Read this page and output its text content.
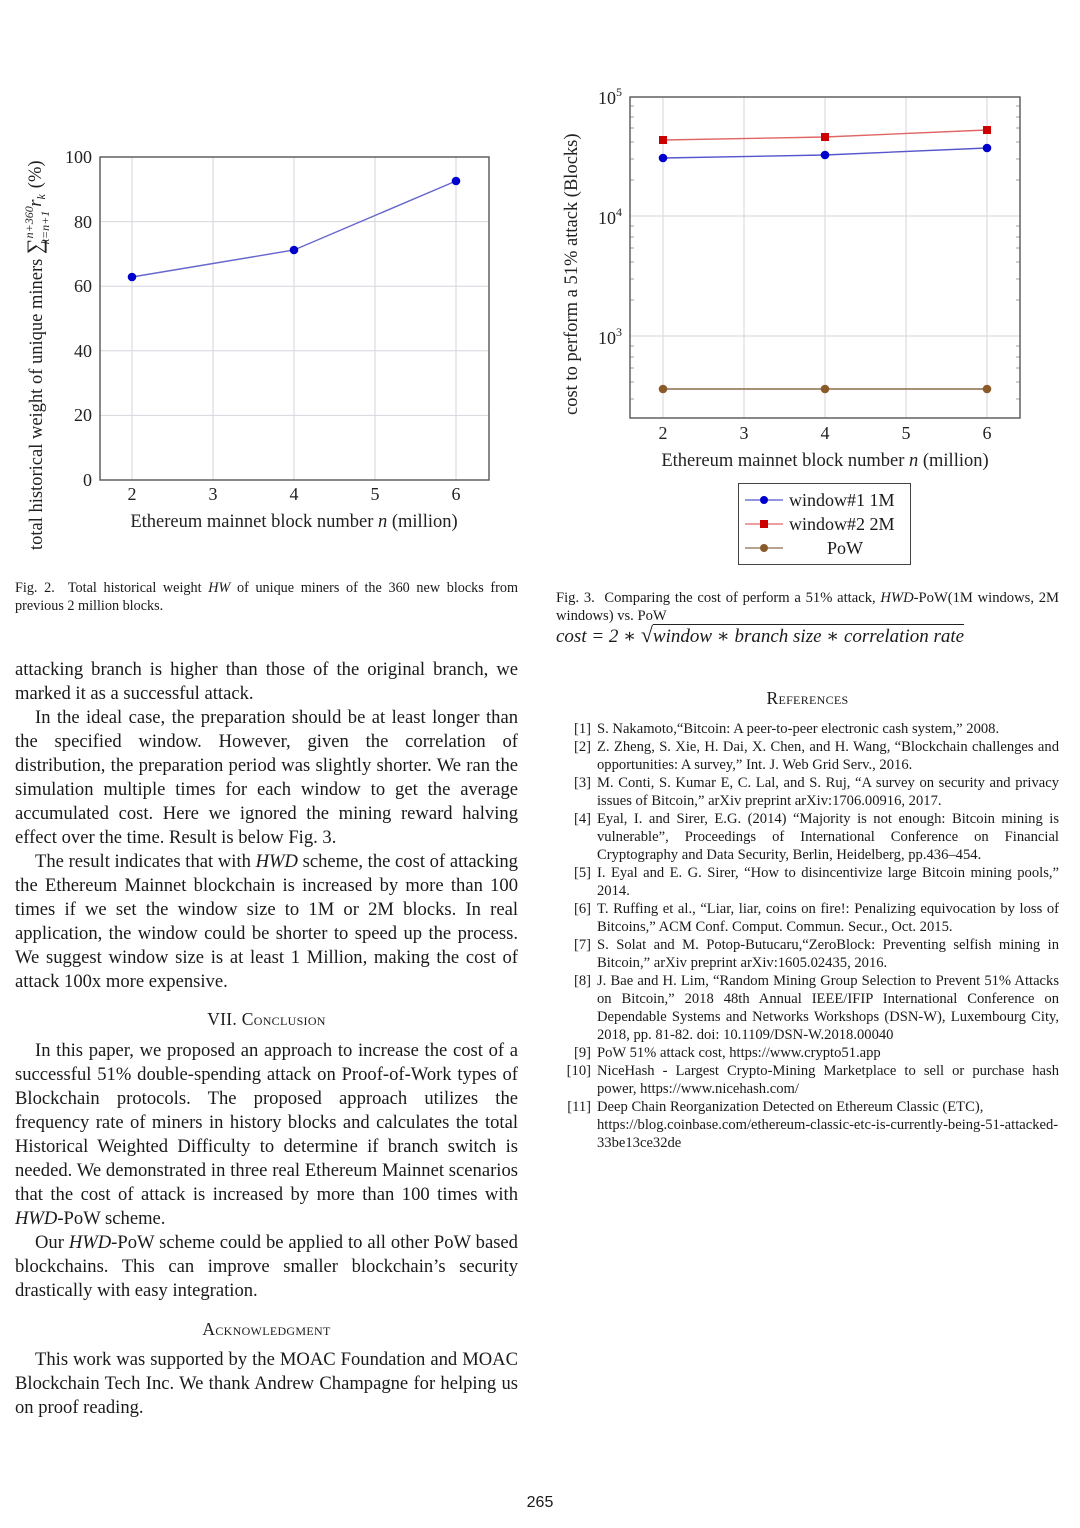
0
20
40
60
80
100
2	3	4	5	6
Ethereum mainnet block number n (million)
total historical weight of unique miners ∑$^{n+360}$ $k=n+1r_k(\%)$
Fig. 2. Total historical weight HW of unique miners of the 360 new blocks from previous 2 million blocks.
$10^5$
$10^4$
$10^3$
2	3	4	5	6
Ethereum mainnet block number n (million)
cost to perform a 51% attack (Blocks)
window#1 1M
window#2 2M
PoW
Fig. 3. Comparing the cost of perform a 51% attack, HWD-PoW(1M windows, 2M windows) vs. PoW
cost = 2 ∗ √window ∗ branch size ∗ correlation rate

attacking branch is higher than those of the original branch, we marked it as a successful attack.

In the ideal case, the preparation should be at least longer than the specified window. However, given the correlation of distribution, the preparation period was slightly shorter. We ran the simulation multiple times for each window to get the average accumulated cost. Here we ignored the mining reward halving effect over the time. Result is below Fig. 3.

The result indicates that with HWD scheme, the cost of attacking the Ethereum Mainnet blockchain is increased by more than 100 times if we set the window size to 1M or 2M blocks. In real application, the window could be shorter to speed up the process. We suggest window size is at least 1 Million, making the cost of attack 100x more expensive.

VII. Conclusion

In this paper, we proposed an approach to increase the cost of a successful 51% double-spending attack on Proof-of-Work types of Blockchain protocols. The proposed approach utilizes the frequency rate of miners in history blocks and calculates the total Historical Weighted Difficulty to determine if branch switch is needed. We demonstrated in three real Ethereum Mainnet scenarios that the cost of attack is increased by more than 100 times with HWD-PoW scheme.

Our HWD-PoW scheme could be applied to all other PoW based blockchains. This can improve smaller blockchain’s security drastically with easy integration.

Acknowledgment

This work was supported by the MOAC Foundation and MOAC Blockchain Tech Inc. We thank Andrew Champagne for helping us on proof reading.

References
[1] S. Nakamoto,“Bitcoin: A peer-to-peer electronic cash system,” 2008.
[2] Z. Zheng, S. Xie, H. Dai, X. Chen, and H. Wang, “Blockchain challenges and opportunities: A survey,” Int. J. Web Grid Serv., 2016.
[3] M. Conti, S. Kumar E, C. Lal, and S. Ruj, “A survey on security and privacy issues of Bitcoin,” arXiv preprint arXiv:1706.00916, 2017.
[4] Eyal, I. and Sirer, E.G. (2014) “Majority is not enough: Bitcoin mining is vulnerable”, Proceedings of International Conference on Financial Cryptography and Data Security, Berlin, Heidelberg, pp.436–454.
[5] I. Eyal and E. G. Sirer, “How to disincentivize large Bitcoin mining pools,” 2014.
[6] T. Ruffing et al., “Liar, liar, coins on fire!: Penalizing equivocation by loss of Bitcoins,” ACM Conf. Comput. Commun. Secur., Oct. 2015.
[7] S. Solat and M. Potop-Butucaru,“ZeroBlock: Preventing selfish mining in Bitcoin,” arXiv preprint arXiv:1605.02435, 2016.
[8] J. Bae and H. Lim, “Random Mining Group Selection to Prevent 51% Attacks on Bitcoin,” 2018 48th Annual IEEE/IFIP International Conference on Dependable Systems and Networks Workshops (DSN-W), Luxembourg City, 2018, pp. 81-82. doi: 10.1109/DSN-W.2018.00040
[9] PoW 51% attack cost, https://www.crypto51.app
[10] NiceHash - Largest Crypto-Mining Marketplace to sell or purchase hash power, https://www.nicehash.com/
[11] Deep Chain Reorganization Detected on Ethereum Classic (ETC), https://blog.coinbase.com/ethereum-classic-etc-is-currently-being-51-attacked-33be13ce32de
265
